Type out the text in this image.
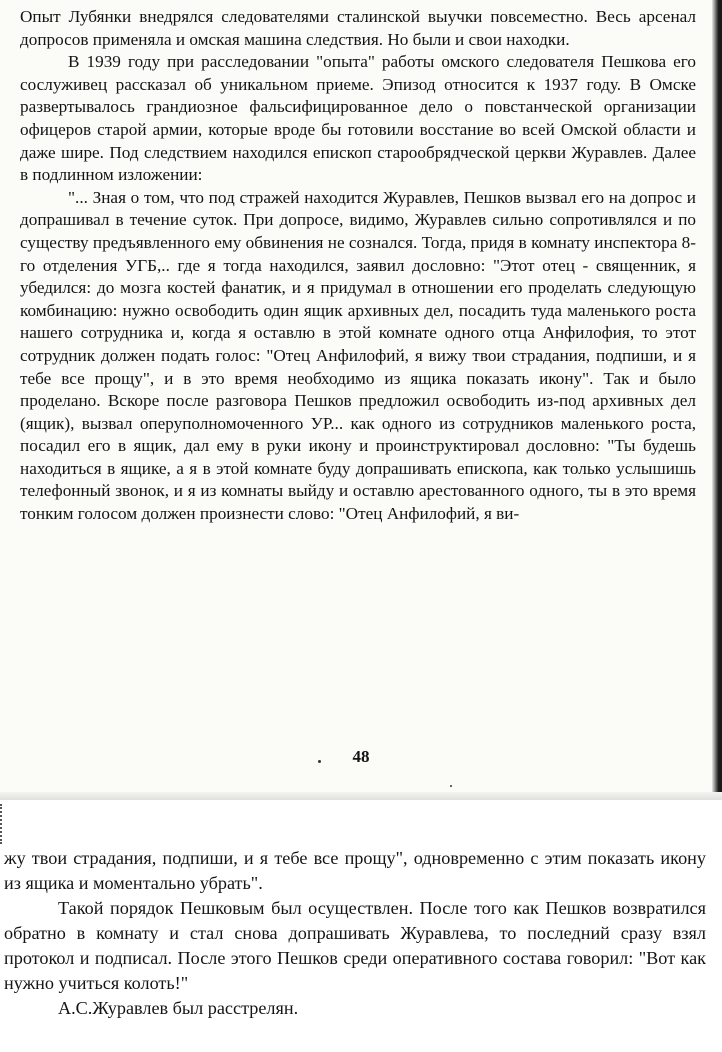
Опыт Лубянки внедрялся следователями сталинской выучки повсеместно. Весь арсенал допросов применяла и омская машина следствия. Но были и свои находки.

В 1939 году при расследовании "опыта" работы омского следователя Пешкова его сослуживец рассказал об уникальном приеме. Эпизод относится к 1937 году. В Омске развертывалось грандиозное фальсифицированное дело о повстанческой организации офицеров старой армии, которые вроде бы готовили восстание во всей Омской области и даже шире. Под следствием находился епископ старообрядческой церкви Журавлев. Далее в подлинном изложении:

"... Зная о том, что под стражей находится Журавлев, Пешков вызвал его на допрос и допрашивал в течение суток. При допросе, видимо, Журавлев сильно сопротивлялся и по существу предъявленного ему обвинения не сознался. Тогда, придя в комнату инспектора 8-го отделения УГБ,.. где я тогда находился, заявил дословно: "Этот отец - священник, я убедился: до мозга костей фанатик, и я придумал в отношении его проделать следующую комбинацию: нужно освободить один ящик архивных дел, посадить туда маленького роста нашего сотрудника и, когда я оставлю в этой комнате одного отца Анфилофия, то этот сотрудник должен подать голос: "Отец Анфилофий, я вижу твои страдания, подпиши, и я тебе все прощу", и в это время необходимо из ящика показать икону". Так и было проделано. Вскоре после разговора Пешков предложил освободить из-под архивных дел (ящик), вызвал оперуполномоченного УР... как одного из сотрудников маленького роста, посадил его в ящик, дал ему в руки икону и проинструктировал дословно: "Ты будешь находиться в ящике, а я в этой комнате буду допрашивать епископа, как только услышишь телефонный звонок, и я из комнаты выйду и оставлю арестованного одного, ты в это время тонким голосом должен произнести слово: "Отец Анфилофий, я ви-

48

жу твои страдания, подпиши, и я тебе все прощу", одновременно с этим показать икону из ящика и моментально убрать".

Такой порядок Пешковым был осуществлен. После того как Пешков возвратился обратно в комнату и стал снова допрашивать Журавлева, то последний сразу взял протокол и подписал. После этого Пешков среди оперативного состава говорил: "Вот как нужно учиться колоть!"

А.С.Журавлев был расстрелян.
